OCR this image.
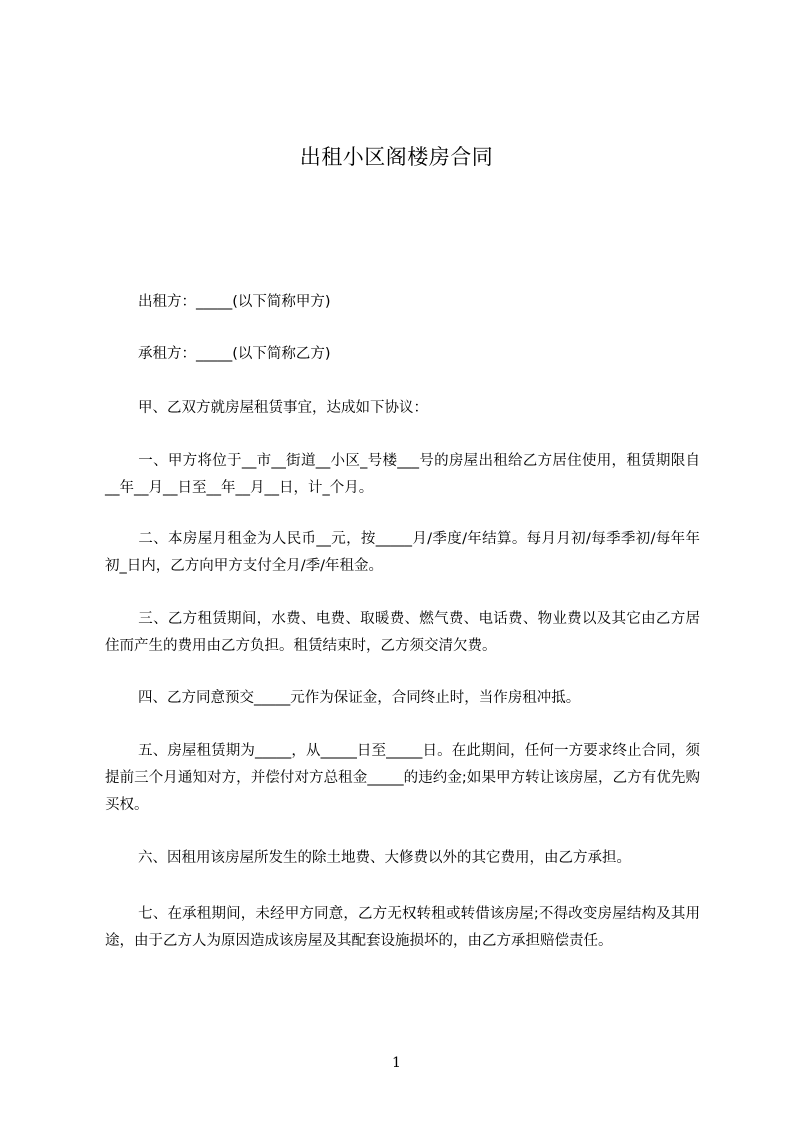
出租小区阁楼房合同
出租方：_____(以下简称甲方)
承租方：_____(以下简称乙方)
甲、乙双方就房屋租赁事宜，达成如下协议：
一、甲方将位于__市__街道__小区_号楼___号的房屋出租给乙方居住使用，租赁期限自__年__月__日至__年__月__日，计_个月。
二、本房屋月租金为人民币__元，按_____月/季度/年结算。每月月初/每季季初/每年年初_日内，乙方向甲方支付全月/季/年租金。
三、乙方租赁期间，水费、电费、取暖费、燃气费、电话费、物业费以及其它由乙方居住而产生的费用由乙方负担。租赁结束时，乙方须交清欠费。
四、乙方同意预交_____元作为保证金，合同终止时，当作房租冲抵。
五、房屋租赁期为_____，从_____日至_____日。在此期间，任何一方要求终止合同，须提前三个月通知对方，并偿付对方总租金_____的违约金;如果甲方转让该房屋，乙方有优先购买权。
六、因租用该房屋所发生的除土地费、大修费以外的其它费用，由乙方承担。
七、在承租期间，未经甲方同意，乙方无权转租或转借该房屋;不得改变房屋结构及其用途，由于乙方人为原因造成该房屋及其配套设施损坏的，由乙方承担赔偿责任。
1
